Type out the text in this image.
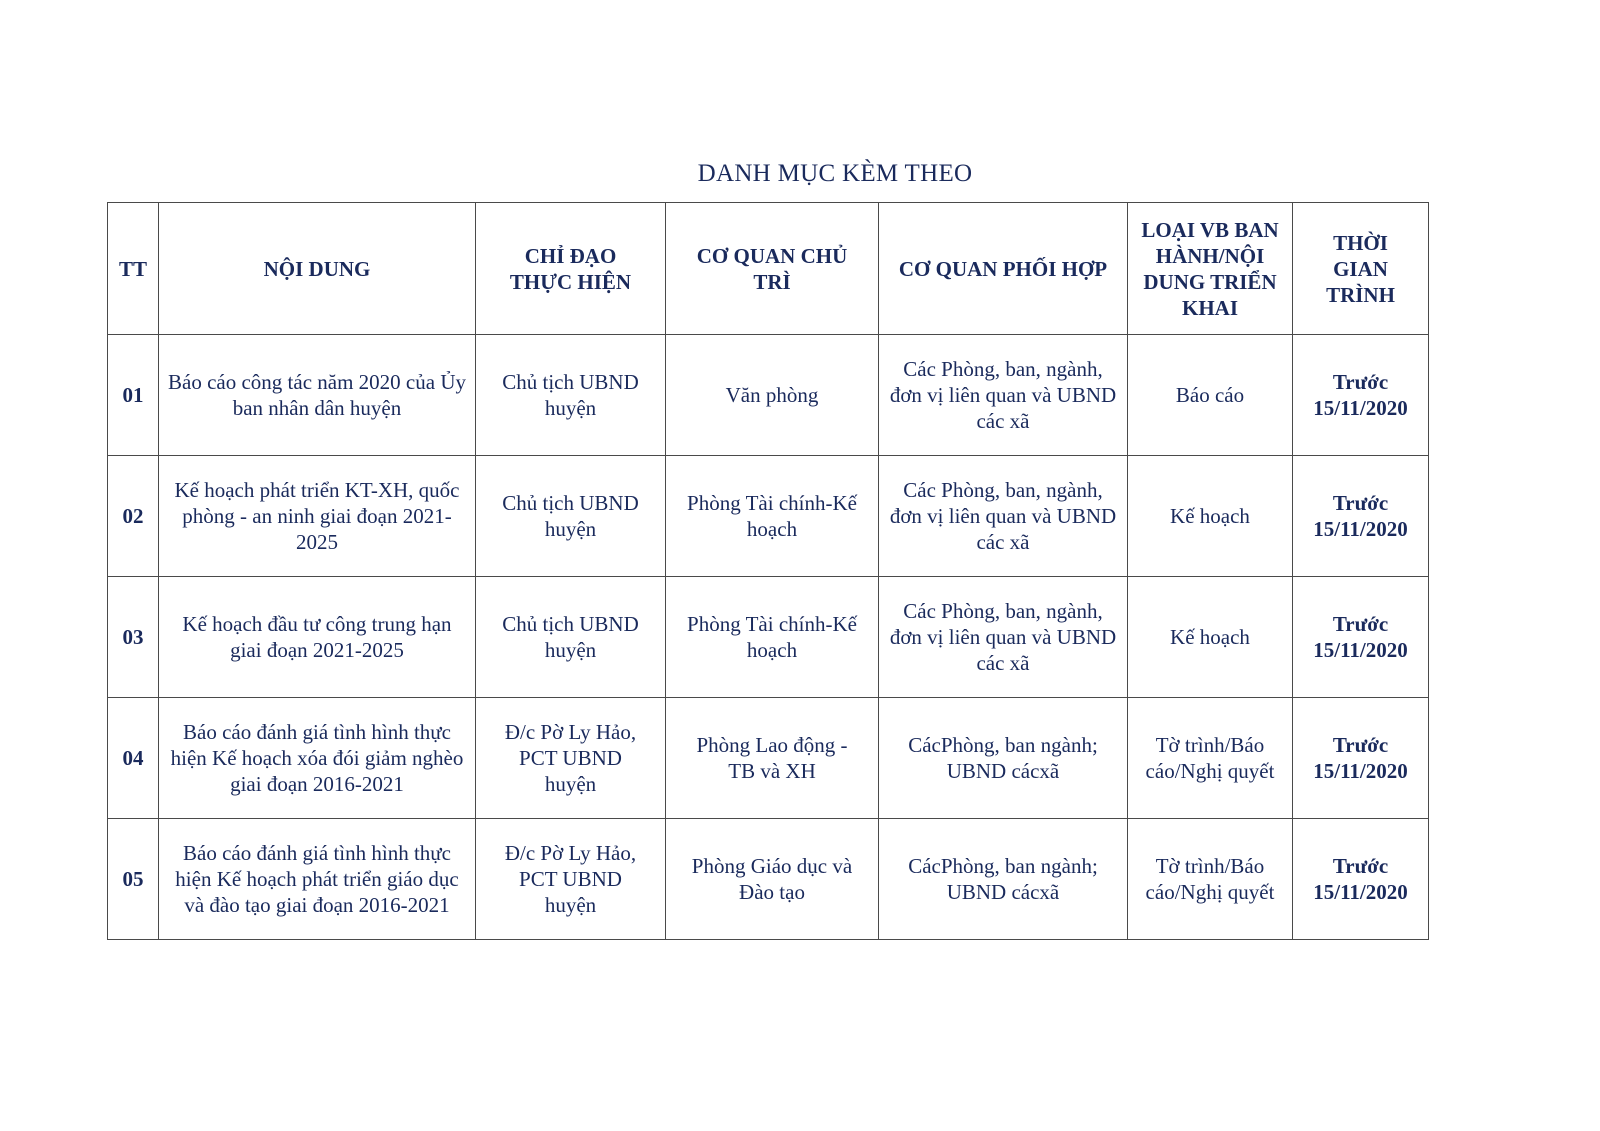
DANH MỤC KÈM THEO
TT	NỘI DUNG	CHỈ ĐẠO THỰC HIỆN	CƠ QUAN CHỦ TRÌ	CƠ QUAN PHỐI HỢP	LOẠI VB BAN HÀNH/NỘI DUNG TRIỂN KHAI	THỜI GIAN TRÌNH
01	Báo cáo công tác năm 2020 của Ủy ban nhân dân huyện	Chủ tịch UBND huyện	Văn phòng	Các Phòng, ban, ngành, đơn vị liên quan và UBND các xã	Báo cáo	Trước 15/11/2020
02	Kế hoạch phát triển KT-XH, quốc phòng - an ninh giai đoạn 2021-2025	Chủ tịch UBND huyện	Phòng Tài chính-Kế hoạch	Các Phòng, ban, ngành, đơn vị liên quan và UBND các xã	Kế hoạch	Trước 15/11/2020
03	Kế hoạch đầu tư công trung hạn giai đoạn 2021-2025	Chủ tịch UBND huyện	Phòng Tài chính-Kế hoạch	Các Phòng, ban, ngành, đơn vị liên quan và UBND các xã	Kế hoạch	Trước 15/11/2020
04	Báo cáo đánh giá tình hình thực hiện Kế hoạch xóa đói giảm nghèo giai đoạn 2016-2021	Đ/c Pờ Ly Hảo, PCT UBND huyện	Phòng Lao động - TB và XH	CácPhòng, ban ngành; UBND cácxã	Tờ trình/Báo cáo/Nghị quyết	Trước 15/11/2020
05	Báo cáo đánh giá tình hình thực hiện Kế hoạch phát triển giáo dục và đào tạo giai đoạn 2016-2021	Đ/c Pờ Ly Hảo, PCT UBND huyện	Phòng Giáo dục và Đào tạo	CácPhòng, ban ngành; UBND cácxã	Tờ trình/Báo cáo/Nghị quyết	Trước 15/11/2020
